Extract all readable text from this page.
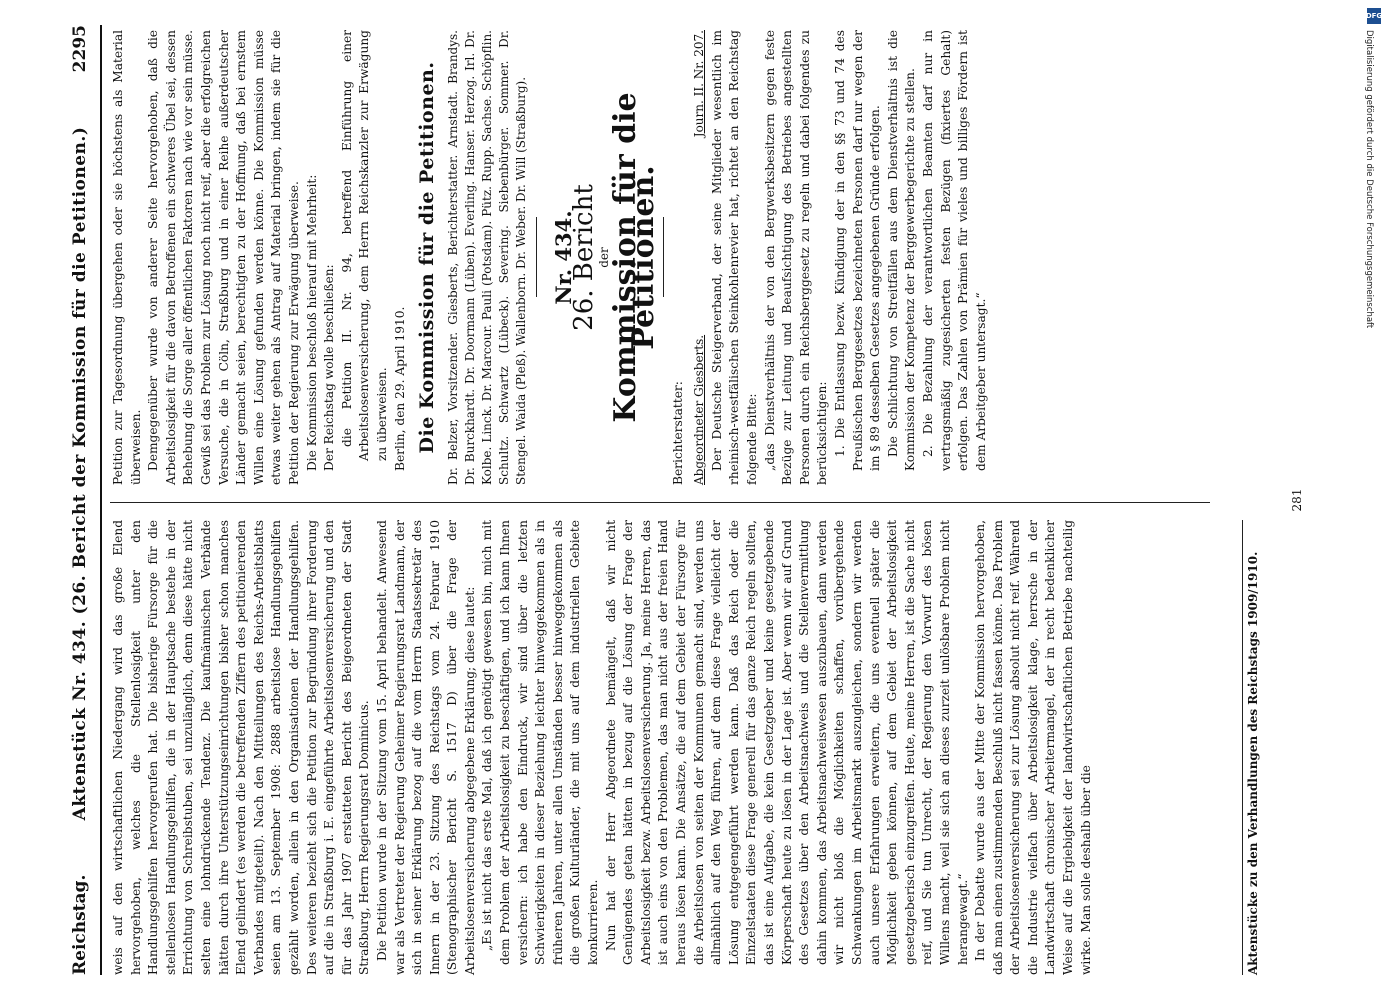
Reichstag.
Aktenstück Nr. 434. (26. Bericht der Kommission für die Petitionen.)
2295

weis auf den wirtschaftlichen Niedergang wird das große Elend hervorgehoben, welches die Stellenlosigkeit unter den Handlungsgehilfen hervorgerufen hat. Die bisherige Fürsorge für die stellenlosen Handlungsgehilfen, die in der Hauptsache bestehe in der Errichtung von Schreibstuben, sei unzulänglich, denn diese hätte nicht selten eine lohndrückende Tendenz. Die kaufmännischen Verbände hätten durch ihre Unterstützungseinrichtungen bisher schon manches Elend gelindert (es werden die betreffenden Ziffern des petitionierenden Verbandes mitgeteilt). Nach den Mitteilungen des Reichs-Arbeitsblatts seien am 13. September 1908: 2888 arbeitslose Handlungsgehilfen gezählt worden, allein in den Organisationen der Handlungsgehilfen. Des weiteren bezieht sich die Petition zur Begründung ihrer Forderung auf die in Straßburg i. E. eingeführte Arbeitslosenversicherung und den für das Jahr 1907 erstatteten Bericht des Beigeordneten der Stadt Straßburg, Herrn Regierungsrat Dominicus. Die Petition wurde in der Sitzung vom 15. April behandelt. Anwesend war als Vertreter der Regierung Geheimer Regierungsrat Landmann, der sich in seiner Erklärung bezog auf die vom Herrn Staatssekretär des Innern in der 23. Sitzung des Reichstags vom 24. Februar 1910 (Stenographischer Bericht S. 1517 D) über die Frage der Arbeitslosenversicherung abgegebene Erklärung; diese lautet: „Es ist nicht das erste Mal, daß ich genötigt gewesen bin, mich mit dem Problem der Arbeitslosigkeit zu beschäftigen, und ich kann Ihnen versichern: ich habe den Eindruck, wir sind über die letzten Schwierigkeiten in dieser Beziehung leichter hinweggekommen als in früheren Jahren, unter allen Umständen besser hinweggekommen als die großen Kulturländer, die mit uns auf dem industriellen Gebiete konkurrieren. Nun hat der Herr Abgeordnete bemängelt, daß wir nicht Genügendes getan hätten in bezug auf die Lösung der Frage der Arbeitslosigkeit bezw. Arbeitslosenversicherung. Ja, meine Herren, das ist auch eins von den Problemen, das man nicht aus der freien Hand heraus lösen kann. Die Ansätze, die auf dem Gebiet der Fürsorge für die Arbeitslosen von seiten der Kommunen gemacht sind, werden uns allmählich auf den Weg führen, auf dem diese Frage vielleicht der Lösung entgegengeführt werden kann. Daß das Reich oder die Einzelstaaten diese Frage generell für das ganze Reich regeln sollten, das ist eine Aufgabe, die kein Gesetzgeber und keine gesetzgebende Körperschaft heute zu lösen in der Lage ist. Aber wenn wir auf Grund des Gesetzes über den Arbeitsnachweis und die Stellenvermittlung dahin kommen, das Arbeitsnachweiswesen auszubauen, dann werden wir nicht bloß die Möglichkeiten schaffen, vorübergehende Schwankungen im Arbeitsmarkt auszugleichen, sondern wir werden auch unsere Erfahrungen erweitern, die uns eventuell später die Möglichkeit geben können, auf dem Gebiet der Arbeitslosigkeit gesetzgeberisch einzugreifen. Heute, meine Herren, ist die Sache nicht reif, und Sie tun Unrecht, der Regierung den Vorwurf des bösen Willens macht, weil sie sich an dieses zurzeit unlösbare Problem nicht herangewagt.“ In der Debatte wurde aus der Mitte der Kommission hervorgehoben, daß man einen zustimmenden Beschluß nicht fassen könne. Das Problem der Arbeitslosenversicherung sei zur Lösung absolut nicht reif. Während die Industrie vielfach über Arbeitslosigkeit klage, herrsche in der Landwirtschaft chronischer Arbeitermangel, der in recht bedenklicher Weise auf die Ergiebigkeit der landwirtschaftlichen Betriebe nachteilig wirke. Man solle deshalb über die	Aktenstücke zu den Verhandlungen des Reichstags 1909/1910.

Petition zur Tagesordnung übergehen oder sie höchstens als Material überweisen. Demgegenüber wurde von anderer Seite hervorgehoben, daß die Arbeitslosigkeit für die davon Betroffenen ein schweres Übel sei, dessen Behebung die Sorge aller öffentlichen Faktoren nach wie vor sein müsse. Gewiß sei das Problem zur Lösung noch nicht reif, aber die erfolgreichen Versuche, die in Cöln, Straßburg und in einer Reihe außerdeutscher Länder gemacht seien, berechtigten zu der Hoffnung, daß bei ernstem Willen eine Lösung gefunden werden könne. Die Kommission müsse etwas weiter gehen als Antrag auf Material bringen, indem sie für die Petition der Regierung zur Erwägung überweise. Die Kommission beschloß hierauf mit Mehrheit: Der Reichstag wolle beschließen: die Petition II. Nr. 94, betreffend Einführung einer Arbeitslosenversicherung, dem Herrn Reichskanzler zur Erwägung zu überweisen. Berlin, den 29. April 1910. Die Kommission für die Petitionen. Dr. Belzer, Vorsitzender. Giesberts, Berichterstatter. Arnstadt. Brandys. Dr. Burckhardt. Dr. Doormann (Lüben). Everling. Hanser. Herzog. Irl. Dr. Kolbe. Linck. Dr. Marcour. Pauli (Potsdam). Pütz. Rupp. Sachse. Schöpflin. Schultz. Schwartz (Lübeck). Severing. Siebenbürger. Sommer. Dr. Stengel. Waida (Pleß). Wallenborn. Dr. Weber. Dr. Will (Straßburg). Nr. 434.
26. Bericht
der
Kommission für die Petitionen.
Berichterstatter: Abgeordneter Giesberts.
Journ. II. Nr. 207. Der Deutsche Steigerverband, der seine Mitglieder wesentlich im rheinisch-westfälischen Steinkohlenrevier hat, richtet an den Reichstag folgende Bitte: „das Dienstverhältnis der von den Bergwerksbesitzern gegen feste Bezüge zur Leitung und Beaufsichtigung des Betriebes angestellten Personen durch ein Reichsberggesetz zu regeln und dabei folgendes zu berücksichtigen: 1. Die Entlassung bezw. Kündigung der in den §§ 73 und 74 des Preußischen Berggesetzes bezeichneten Personen darf nur wegen der im § 89 desselben Gesetzes angegebenen Gründe erfolgen. Die Schlichtung von Streitfällen aus dem Dienstverhältnis ist die Kommission der Kompetenz der Berggewerbegerichte zu stellen. 2. Die Bezahlung der verantwortlichen Beamten darf nur in vertragsmäßig zugesicherten festen Bezügen (fixiertes Gehalt) erfolgen. Das Zahlen von Prämien für vieles und billiges Fördern ist dem Arbeitgeber untersagt.“

281
DFG
Digitalisierung gefördert durch die Deutsche Forschungsgemeinschaft
